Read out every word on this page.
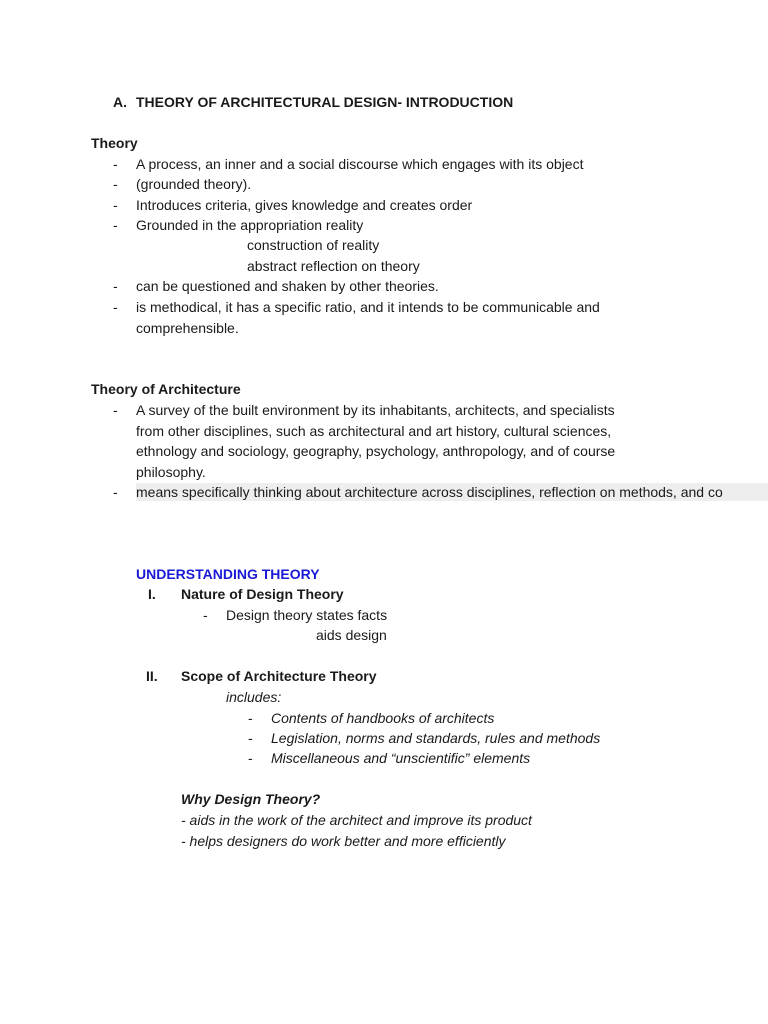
A. THEORY OF ARCHITECTURAL DESIGN- INTRODUCTION
Theory
- A process, an inner and a social discourse which engages with its object
- (grounded theory).
- Introduces criteria, gives knowledge and creates order
- Grounded in the appropriation reality
construction of reality
abstract reflection on theory
- can be questioned and shaken by other theories.
- is methodical, it has a specific ratio, and it intends to be communicable and
comprehensible.
Theory of Architecture
- A survey of the built environment by its inhabitants, architects, and specialists
from other disciplines, such as architectural and art history, cultural sciences,
ethnology and sociology, geography, psychology, anthropology, and of course
philosophy.
- means specifically thinking about architecture across disciplines, reflection on methods, and co
UNDERSTANDING THEORY
I. Nature of Design Theory
- Design theory states facts
aids design
II. Scope of Architecture Theory
includes:
- Contents of handbooks of architects
- Legislation, norms and standards, rules and methods
- Miscellaneous and “unscientific” elements
Why Design Theory?
- aids in the work of the architect and improve its product
- helps designers do work better and more efficiently
